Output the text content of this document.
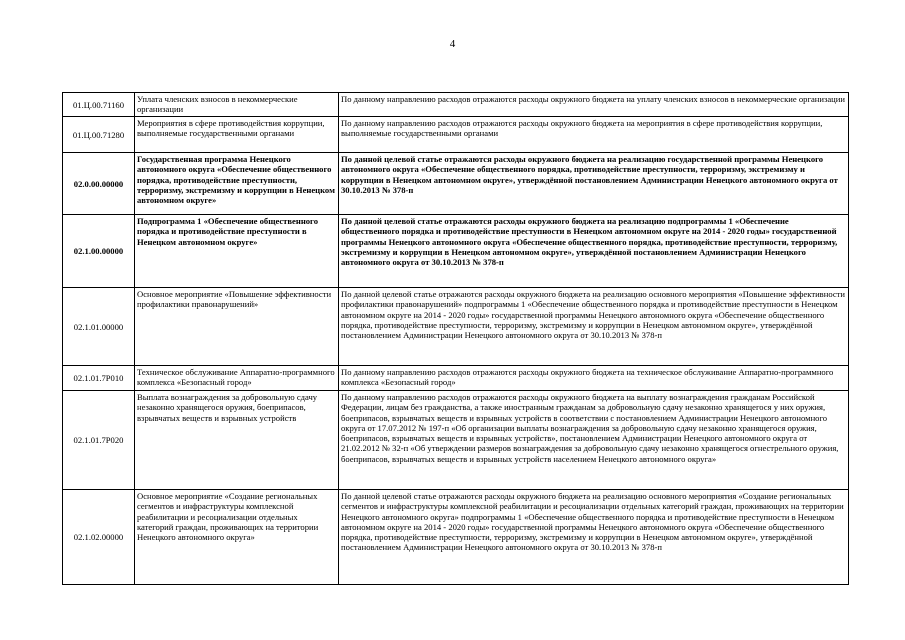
4
01.Ц.00.71160	Уплата членских взносов в некоммерческие организации	По данному направлению расходов отражаются расходы окружного бюджета на уплату членских взносов в некоммерческие организации
01.Ц.00.71280	Мероприятия в сфере противодействия коррупции, выполняемые государственными органами	По данному направлению расходов отражаются расходы окружного бюджета на мероприятия в сфере противодействия коррупции, выполняемые государственными органами
02.0.00.00000	Государственная программа Ненецкого автономного округа «Обеспечение общественного порядка, противодействие преступности, терроризму, экстремизму и коррупции в Ненецком автономном округе»	По данной целевой статье отражаются расходы окружного бюджета на реализацию государственной программы Ненецкого автономного округа «Обеспечение общественного порядка, противодействие преступности, терроризму, экстремизму и коррупции в Ненецком автономном округе», утверждённой постановлением Администрации Ненецкого автономного округа от 30.10.2013 № 378-п
02.1.00.00000	Подпрограмма 1 «Обеспечение общественного порядка и противодействие преступности в Ненецком автономном округе»	По данной целевой статье отражаются расходы окружного бюджета на реализацию подпрограммы 1 «Обеспечение общественного порядка и противодействие преступности в Ненецком автономном округе на 2014 - 2020 годы» государственной программы Ненецкого автономного округа «Обеспечение общественного порядка, противодействие преступности, терроризму, экстремизму и коррупции в Ненецком автономном округе», утверждённой постановлением Администрации Ненецкого автономного округа от 30.10.2013 № 378-п
02.1.01.00000	Основное мероприятие «Повышение эффективности профилактики правонарушений»	По данной целевой статье отражаются расходы окружного бюджета на реализацию основного мероприятия «Повышение эффективности профилактики правонарушений» подпрограммы 1 «Обеспечение общественного порядка и противодействие преступности в Ненецком автономном округе на 2014 - 2020 годы» государственной программы Ненецкого автономного округа «Обеспечение общественного порядка, противодействие преступности, терроризму, экстремизму и коррупции в Ненецком автономном округе», утверждённой постановлением Администрации Ненецкого автономного округа от 30.10.2013 № 378-п
02.1.01.7Р010	Техническое обслуживание Аппаратно-программного комплекса «Безопасный город»	По данному направлению расходов отражаются расходы окружного бюджета на техническое обслуживание Аппаратно-программного комплекса «Безопасный город»
02.1.01.7Р020	Выплата вознаграждения за добровольную сдачу незаконно хранящегося оружия, боеприпасов, взрывчатых веществ и взрывных устройств	По данному направлению расходов отражаются расходы окружного бюджета на выплату вознаграждения гражданам Российской Федерации, лицам без гражданства, а также иностранным гражданам за добровольную сдачу незаконно хранящегося у них оружия, боеприпасов, взрывчатых веществ и взрывных устройств в соответствии с постановлением Администрации Ненецкого автономного округа от 17.07.2012 № 197-п «Об организации выплаты вознаграждения за добровольную сдачу незаконно хранящегося оружия, боеприпасов, взрывчатых веществ и взрывных устройств», постановлением Администрации Ненецкого автономного округа от 21.02.2012 № 32-п «Об утверждении размеров вознаграждения за добровольную сдачу незаконно хранящегося огнестрельного оружия, боеприпасов, взрывчатых веществ и взрывных устройств населением Ненецкого автономного округа»
02.1.02.00000	Основное мероприятие «Создание региональных сегментов и инфраструктуры комплексной реабилитации и ресоциализации отдельных категорий граждан, проживающих на территории Ненецкого автономного округа»	По данной целевой статье отражаются расходы окружного бюджета на реализацию основного мероприятия «Создание региональных сегментов и инфраструктуры комплексной реабилитации и ресоциализации отдельных категорий граждан, проживающих на территории Ненецкого автономного округа» подпрограммы 1 «Обеспечение общественного порядка и противодействие преступности в Ненецком автономном округе на 2014 - 2020 годы» государственной программы Ненецкого автономного округа «Обеспечение общественного порядка, противодействие преступности, терроризму, экстремизму и коррупции в Ненецком автономном округе», утверждённой постановлением Администрации Ненецкого автономного округа от 30.10.2013 № 378-п
